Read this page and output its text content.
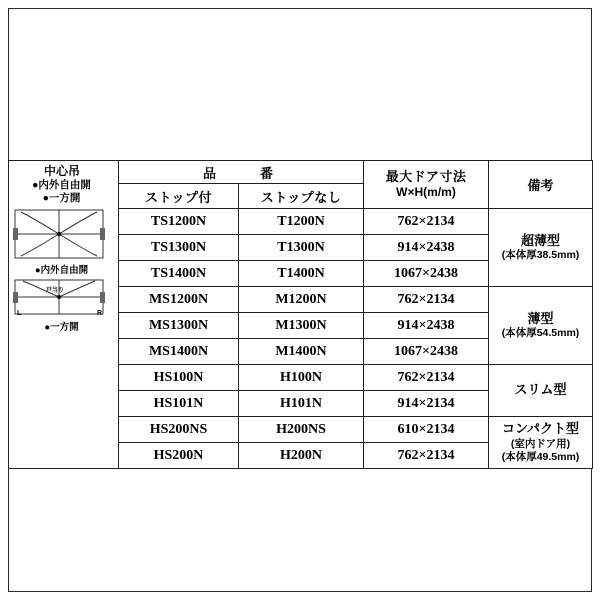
中心吊
●内外自由開
●一方開
●内外自由開
L	R
戸当り
●一方開
	品　　番	最大ドア寸法
W×H(m/m)	備考
	ストップ付	ストップなし		
	TS1200N	T1200N	762×2134	超薄型
(本体厚38.5mm)

	TS1300N	T1300N	914×2438	
	TS1400N	T1400N	1067×2438	
	MS1200N	M1200N	762×2134	薄型
(本体厚54.5mm)

	MS1300N	M1300N	914×2438	
	MS1400N	M1400N	1067×2438	
	HS100N	H100N	762×2134	スリム型

	HS101N	H101N	914×2134	
	HS200NS	H200NS	610×2134	コンパクト型
(室内ドア用)
(本体厚49.5mm)

	HS200N	H200N	762×2134	
